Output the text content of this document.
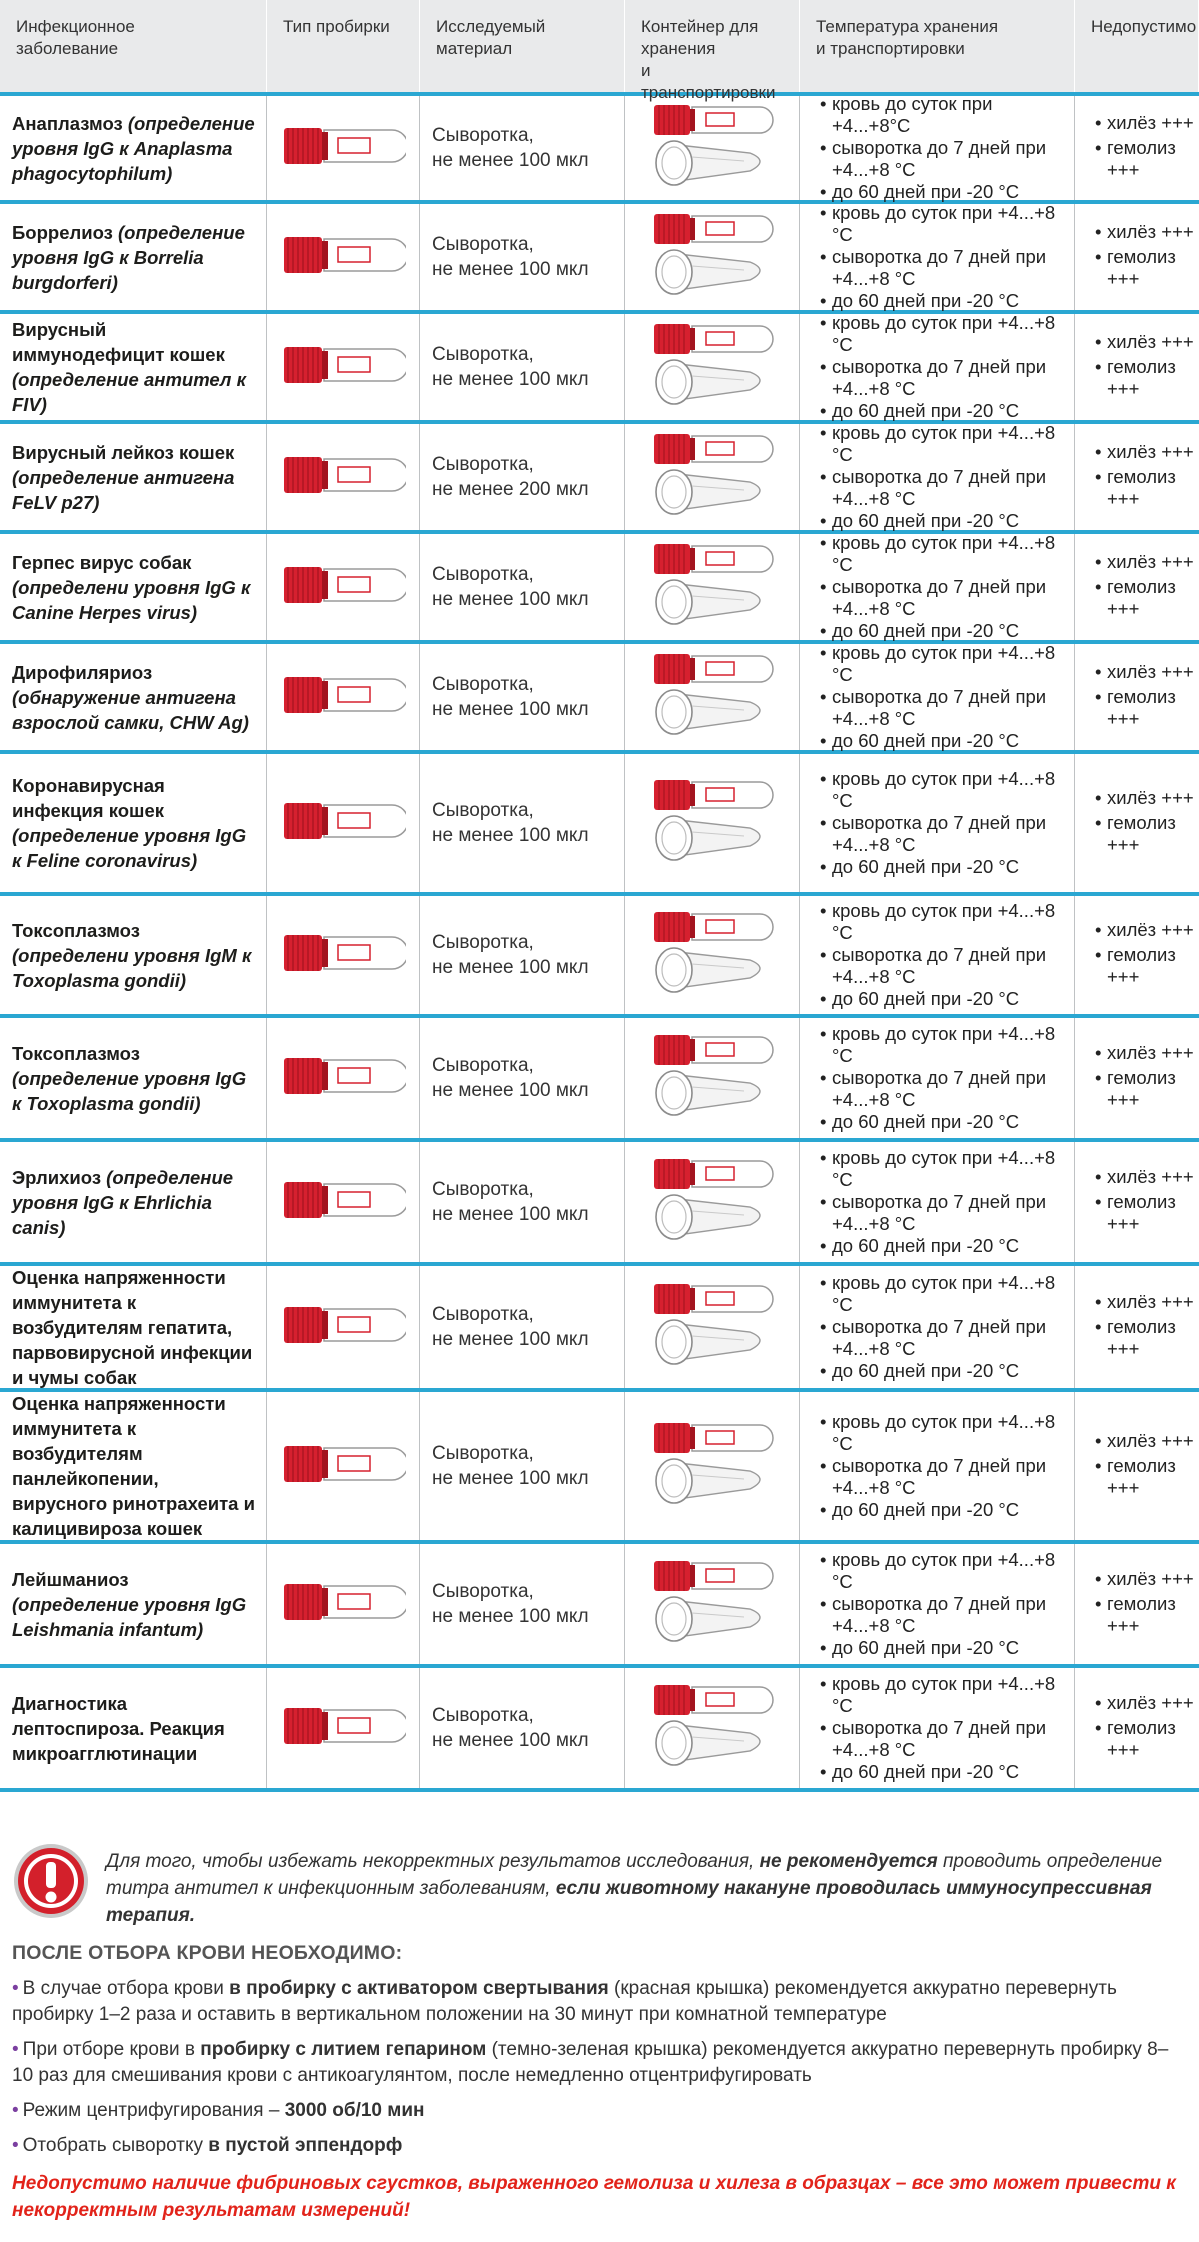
Инфекционное
заболевание
Тип пробирки	Исследуемый
материал
Контейнер для хранения
и транспортировки
Температура хранения
и транспортировки
Недопустимо
Анаплазмоз (определение уровня IgG к Anaplasma phagocytophilum)
Сыворотка,
не менее 100 мкл
• кровь до суток при +4...+8°C
• сыворотка до 7 дней при +4...+8 °С
• до 60 дней при -20 °С
• хилёз +++
• гемолиз +++
Боррелиоз (определение уровня IgG к Borrelia burgdorferi)
Сыворотка,
не менее 100 мкл
• кровь до суток при +4...+8 °С
• сыворотка до 7 дней при +4...+8 °С
• до 60 дней при -20 °С
• хилёз +++
• гемолиз +++
Вирусный иммунодефицит кошек (определение антител к FIV)
Сыворотка,
не менее 100 мкл
• кровь до суток при +4...+8 °С
• сыворотка до 7 дней при +4...+8 °С
• до 60 дней при -20 °С
• хилёз +++
• гемолиз +++
Вирусный лейкоз кошек (определение антигена FeLV p27)
Сыворотка,
не менее 200 мкл
• кровь до суток при +4...+8 °С
• сыворотка до 7 дней при +4...+8 °С
• до 60 дней при -20 °С
• хилёз +++
• гемолиз +++
Герпес вирус собак (определени уровня IgG к Canine Herpes virus)
Сыворотка,
не менее 100 мкл
• кровь до суток при +4...+8 °С
• сыворотка до 7 дней при +4...+8 °С
• до 60 дней при -20 °С
• хилёз +++
• гемолиз +++
Дирофиляриоз (обнаружение антигена взрослой самки, CHW Ag)
Сыворотка,
не менее 100 мкл
• кровь до суток при +4...+8 °С
• сыворотка до 7 дней при +4...+8 °С
• до 60 дней при -20 °С
• хилёз +++
• гемолиз +++
Коронавирусная инфекция кошек (определение уровня IgG к Feline coronavirus)
Сыворотка,
не менее 100 мкл
• кровь до суток при +4...+8 °С
• сыворотка до 7 дней при +4...+8 °С
• до 60 дней при -20 °С
• хилёз +++
• гемолиз +++
Токсоплазмоз (определени уровня IgM к Toxoplasma gondii)
Сыворотка,
не менее 100 мкл
• кровь до суток при +4...+8 °С
• сыворотка до 7 дней при +4...+8 °С
• до 60 дней при -20 °С
• хилёз +++
• гемолиз +++
Токсоплазмоз (определение уровня IgG к Toxoplasma gondii)
Сыворотка,
не менее 100 мкл
• кровь до суток при +4...+8 °С
• сыворотка до 7 дней при +4...+8 °С
• до 60 дней при -20 °С
• хилёз +++
• гемолиз +++
Эрлихиоз (определение уровня IgG к Ehrlichia canis)
Сыворотка,
не менее 100 мкл
• кровь до суток при +4...+8 °С
• сыворотка до 7 дней при +4...+8 °С
• до 60 дней при -20 °С
• хилёз +++
• гемолиз +++
Оценка напряженности иммунитета к возбудителям гепатита, парвовирусной инфекции и чумы собак
Сыворотка,
не менее 100 мкл
• кровь до суток при +4...+8 °С
• сыворотка до 7 дней при +4...+8 °С
• до 60 дней при -20 °С
• хилёз +++
• гемолиз +++
Оценка напряженности иммунитета к возбудителям панлейкопении, вирусного ринотрахеита и калицивироза кошек
Сыворотка,
не менее 100 мкл
• кровь до суток при +4...+8 °С
• сыворотка до 7 дней при +4...+8 °С
• до 60 дней при -20 °С
• хилёз +++
• гемолиз +++
Лейшманиоз (определение уровня IgG Leishmania infantum)
Сыворотка,
не менее 100 мкл
• кровь до суток при +4...+8 °С
• сыворотка до 7 дней при +4...+8 °С
• до 60 дней при -20 °С
• хилёз +++
• гемолиз +++
Диагностика лептоспироза. Реакция микроагглютинации
Сыворотка,
не менее 100 мкл
• кровь до суток при +4...+8 °С
• сыворотка до 7 дней при +4...+8 °С
• до 60 дней при -20 °С
• хилёз +++
• гемолиз +++
Для того, чтобы избежать некорректных результатов исследования, не рекомендуется проводить определение титра антител к инфекционным заболеваниям, если животному накануне проводилась иммуносупрессивная терапия.
ПОСЛЕ ОТБОРА КРОВИ НЕОБХОДИМО:

• В случае отбора крови в пробирку с активатором свертывания (красная крышка) рекомендуется аккуратно перевернуть пробирку 1–2 раза и оставить в вертикальном положении на 30 минут при комнатной температуре

• При отборе крови в пробирку с литием гепарином (темно-зеленая крышка) рекомендуется аккуратно перевернуть пробирку 8–10 раз для смешивания крови с антикоагулянтом, после немедленно отцентрифугировать

• Режим центрифугирования – 3000 об/10 мин

• Отобрать сыворотку в пустой эппендорф

Недопустимо наличие фибриновых сгустков, выраженного гемолиза и хилеза в образцах – все это может привести к некорректным результатам измерений!
